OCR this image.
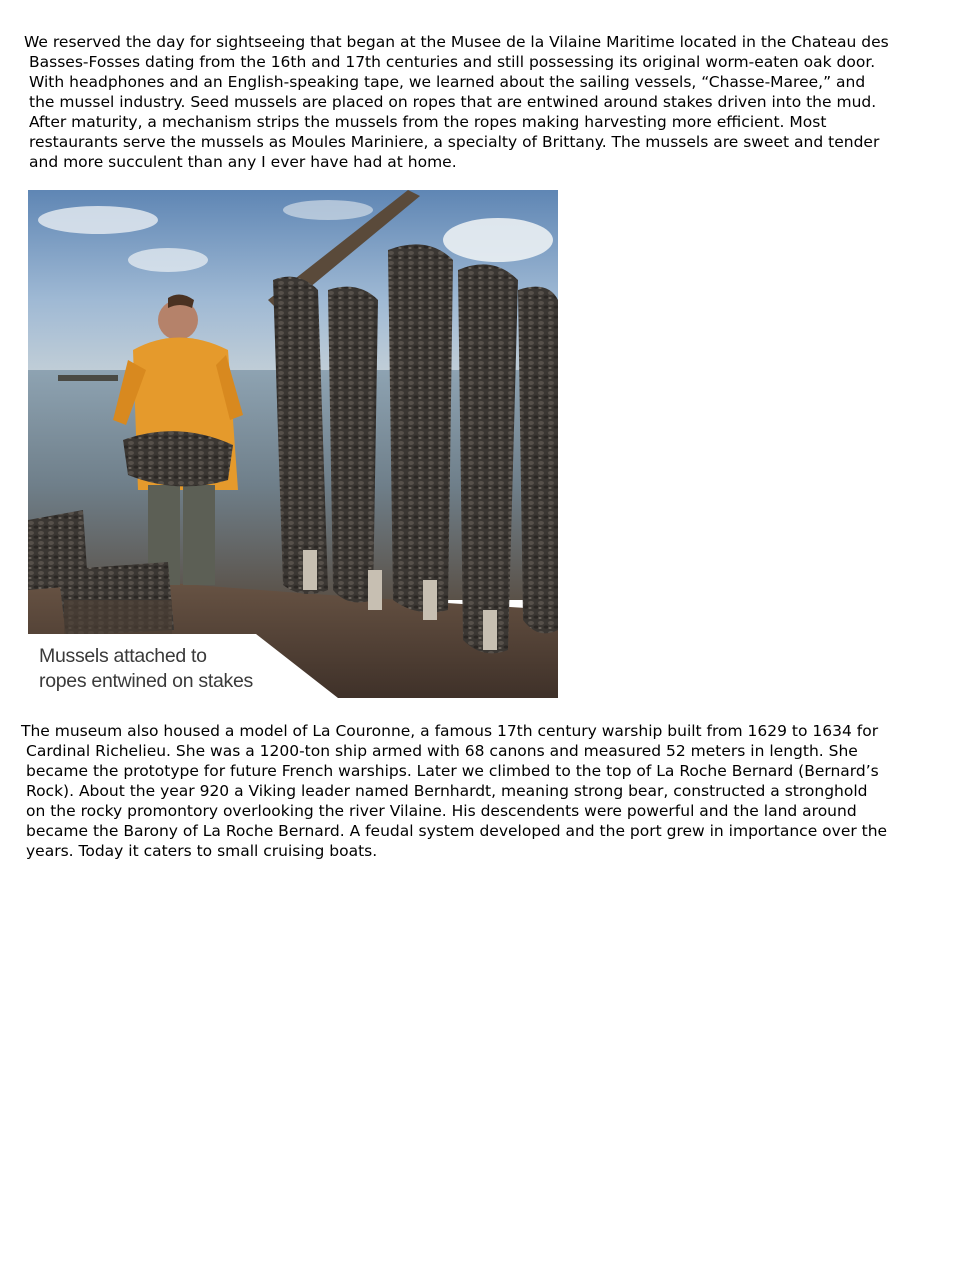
We reserved the day for sightseeing that began at the Musee de la Vilaine Maritime located in the Chateau des
Basses-Fosses dating from the 16th and 17th centuries and still possessing its original worm-eaten oak door.
With headphones and an English-speaking tape, we learned about the sailing vessels, “Chasse-Maree,” and
the mussel industry. Seed mussels are placed on ropes that are entwined around stakes driven into the mud.
After maturity, a mechanism strips the mussels from the ropes making harvesting more efficient. Most
restaurants serve the mussels as Moules Mariniere, a specialty of Brittany. The mussels are sweet and tender
and more succulent than any I ever have had at home.
Mussels attached to
ropes entwined on stakes
The museum also housed a model of La Couronne, a famous 17th century warship built from 1629 to 1634 for
Cardinal Richelieu. She was a 1200-ton ship armed with 68 canons and measured 52 meters in length. She
became the prototype for future French warships. Later we climbed to the top of La Roche Bernard (Bernard’s
Rock). About the year 920 a Viking leader named Bernhardt, meaning strong bear, constructed a stronghold
on the rocky promontory overlooking the river Vilaine. His descendents were powerful and the land around
became the Barony of La Roche Bernard. A feudal system developed and the port grew in importance over the
years. Today it caters to small cruising boats.
